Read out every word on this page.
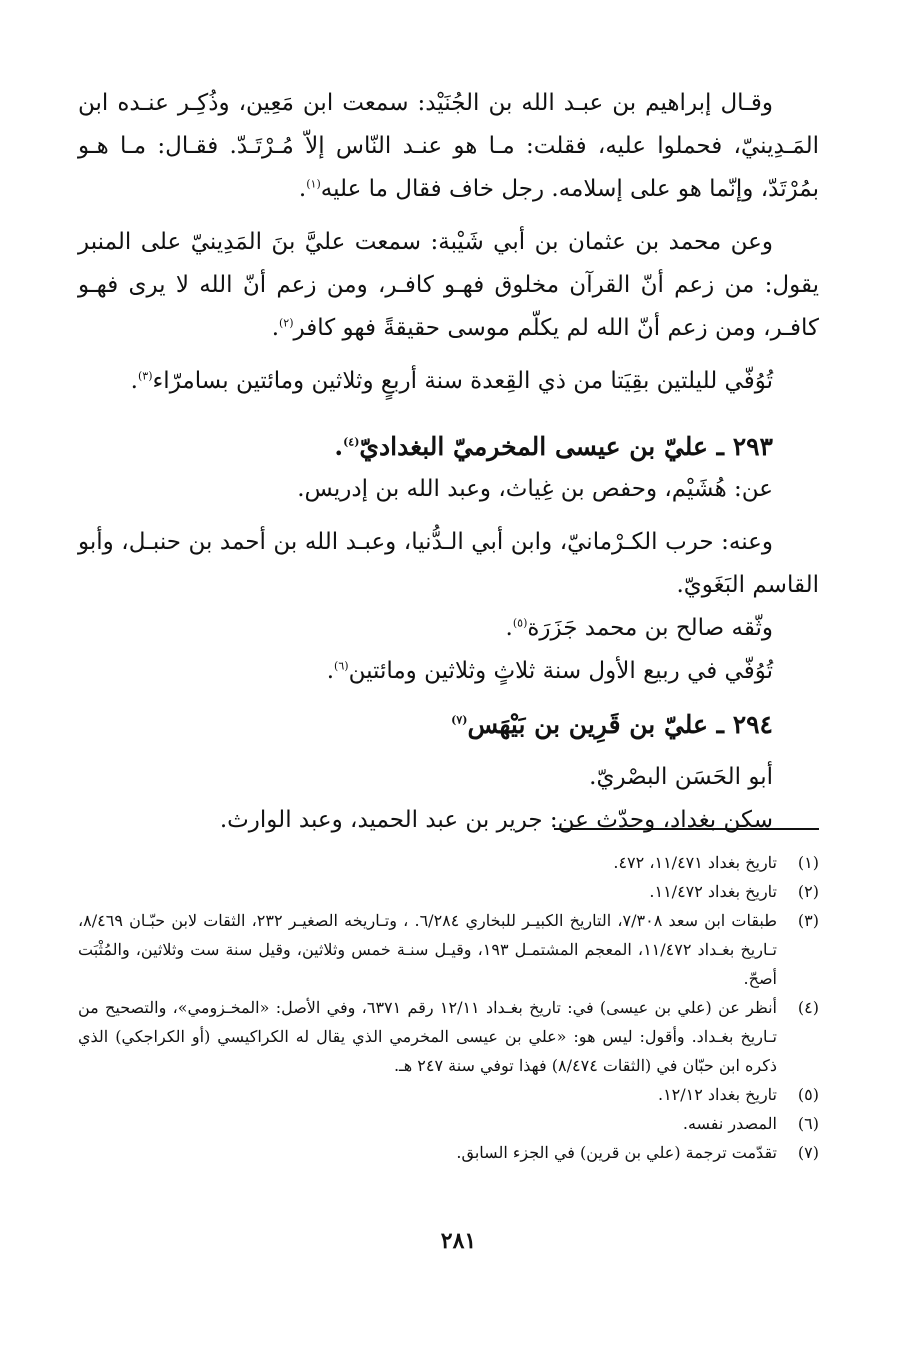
وقـال إبراهيم بن عبـد الله بن الجُنَيْد: سمعت ابن مَعِين، وذُكِـر عنـده ابن المَـدِينيّ، فحملوا عليه، فقلت: مـا هو عنـد النّاس إلاّ مُـرْتَـدّ. فقـال: مـا هـو بمُرْتَدّ، وإنّما هو على إسلامه. رجل خاف فقال ما عليه$^{(١)}$.

وعن محمد بن عثمان بن أبي شَيْبة: سمعت عليَّ بنَ المَدِينيّ على المنبر يقول: من زعم أنّ القرآن مخلوق فهـو كافـر، ومن زعم أنّ الله لا يرى فهـو كافـر، ومن زعم أنّ الله لم يكلّم موسى حقيقةً فهو كافر$^{(٢)}$.

تُوُفّي لليلتين بقِيَتا من ذي القِعدة سنة أربعٍ وثلاثين ومائتين بسامرّاء$^{(٣)}$.

٢٩٣ ـ عليّ بن عيسى المخرميّ البغداديّ$^{(٤)}$.

عن: هُشَيْم، وحفص بن غِياث، وعبد الله بن إدريس.

وعنه: حرب الكـرْمانيّ، وابن أبي الـدُّنيا، وعبـد الله بن أحمد بن حنبـل، وأبو القاسم البَغَويّ.

وثّقه صالح بن محمد جَزَرَة$^{(٥)}$.

تُوُفّي في ربيع الأول سنة ثلاثٍ وثلاثين ومائتين$^{(٦)}$.

٢٩٤ ـ عليّ بن قَرِين بن بَيْهَس$^{(٧)}$

أبو الحَسَن البصْريّ.

سكن بغداد، وحدّث عن: جرير بن عبد الحميد، وعبد الوارث.

(١)
تاريخ بغداد ١١/٤٧١، ٤٧٢.
(٢)
تاريخ بغداد ١١/٤٧٢.
(٣)
طبقات ابن سعد ٧/٣٠٨، التاريخ الكبيـر للبخاري ٦/٢٨٤. ، وتـاريخه الصغيـر ٢٣٢، الثقات لابن حبّـان ٨/٤٦٩، تـاريخ بغـداد ١١/٤٧٢، المعجم المشتمـل ١٩٣، وقيـل سنـة خمس وثلاثين، وقيل سنة ست وثلاثين، والمُثْبَت أصحّ.
(٤)
أنظر عن (علي بن عيسى) في: تاريخ بغـداد ١٢/١١ رقم ٦٣٧١، وفي الأصل: «المخـزومي»، والتصحيح من تـاريخ بغـداد. وأقول: ليس هو: «علي بن عيسى المخرمي الذي يقال له الكراكيسي (أو الكراجكي) الذي ذكره ابن حبّان في (الثقات ٨/٤٧٤) فهذا توفي سنة ٢٤٧ هـ.
(٥)
تاريخ بغداد ١٢/١٢.
(٦)
المصدر نفسه.
(٧)
تقدّمت ترجمة (علي بن قرين) في الجزء السابق.
٢٨١
